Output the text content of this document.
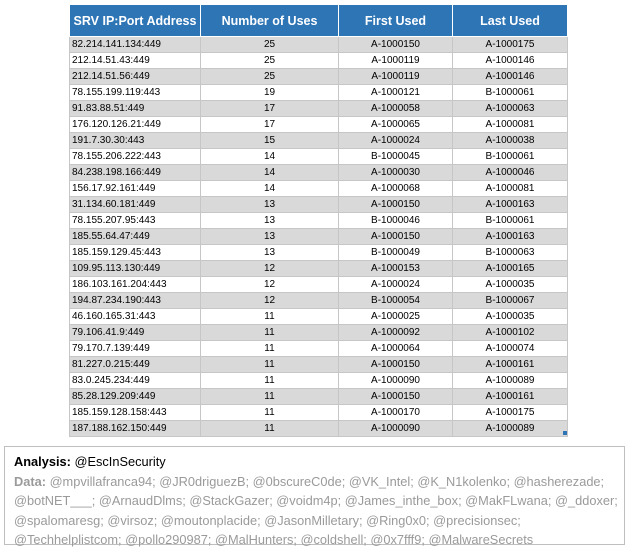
SRV IP:Port Address	Number of Uses	First Used	Last Used
82.214.141.134:449	25	A-1000150	A-1000175
212.14.51.43:449	25	A-1000119	A-1000146
212.14.51.56:449	25	A-1000119	A-1000146
78.155.199.119:443	19	A-1000121	B-1000061
91.83.88.51:449	17	A-1000058	A-1000063
176.120.126.21:449	17	A-1000065	A-1000081
191.7.30.30:443	15	A-1000024	A-1000038
78.155.206.222:443	14	B-1000045	B-1000061
84.238.198.166:449	14	A-1000030	A-1000046
156.17.92.161:449	14	A-1000068	A-1000081
31.134.60.181:449	13	A-1000150	A-1000163
78.155.207.95:443	13	B-1000046	B-1000061
185.55.64.47:449	13	A-1000150	A-1000163
185.159.129.45:443	13	B-1000049	B-1000063
109.95.113.130:449	12	A-1000153	A-1000165
186.103.161.204:443	12	A-1000024	A-1000035
194.87.234.190:443	12	B-1000054	B-1000067
46.160.165.31:443	11	A-1000025	A-1000035
79.106.41.9:449	11	A-1000092	A-1000102
79.170.7.139:449	11	A-1000064	A-1000074
81.227.0.215:449	11	A-1000150	A-1000161
83.0.245.234:449	11	A-1000090	A-1000089
85.28.129.209:449	11	A-1000150	A-1000161
185.159.128.158:443	11	A-1000170	A-1000175
187.188.162.150:449	11	A-1000090	A-1000089
Analysis: @EscInSecurity
Data: @mpvillafranca94; @JR0driguezB; @0bscureC0de; @VK_Intel; @K_N1kolenko; @hasherezade; @botNET___; @ArnaudDlms; @StackGazer; @voidm4p; @James_inthe_box; @MakFLwana; @_ddoxer; @spalomaresg; @virsoz; @moutonplacide; @JasonMilletary; @Ring0x0; @precisionsec; @Techhelplistcom; @pollo290987; @MalHunters; @coldshell; @0x7fff9; @MalwareSecrets
